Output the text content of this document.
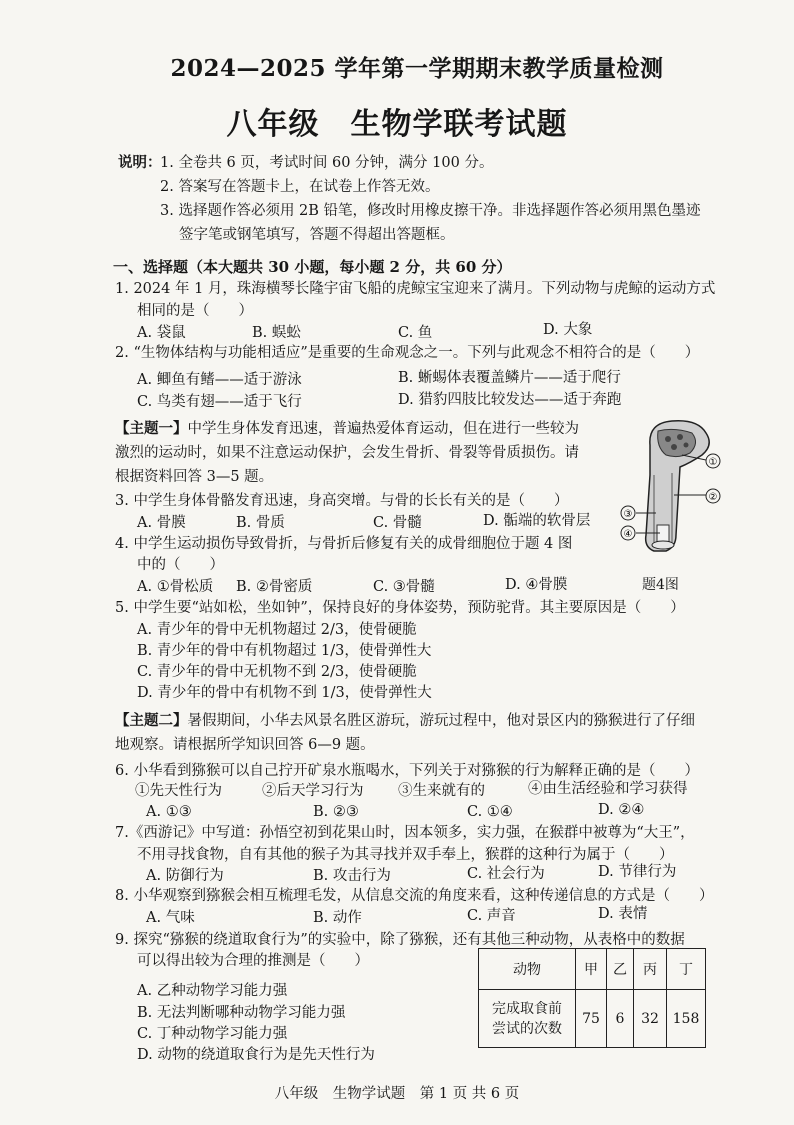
2024—2025 学年第一学期期末教学质量检测
八年级　生物学联考试题
说明：
1. 全卷共 6 页，考试时间 60 分钟，满分 100 分。
2. 答案写在答题卡上，在试卷上作答无效。
3. 选择题作答必须用 2B 铅笔，修改时用橡皮擦干净。非选择题作答必须用黑色墨迹
签字笔或钢笔填写，答题不得超出答题框。
一、选择题（本大题共 30 小题，每小题 2 分，共 60 分）
1. 2024 年 1 月，珠海横琴长隆宇宙飞船的虎鲸宝宝迎来了满月。下列动物与虎鲸的运动方式
相同的是（　　）
A. 袋鼠	B. 蜈蚣	C. 鱼	D. 大象
2. “生物体结构与功能相适应”是重要的生命观念之一。下列与此观念不相符合的是（　　）
A. 鲫鱼有鳍——适于游泳	B. 蜥蜴体表覆盖鳞片——适于爬行
C. 鸟类有翅——适于飞行	D. 猎豹四肢比较发达——适于奔跑
【主题一】中学生身体发育迅速，普遍热爱体育运动，但在进行一些较为
激烈的运动时，如果不注意运动保护，会发生骨折、骨裂等骨质损伤。请
根据资料回答 3—5 题。
①
②
③
④
题4图
3. 中学生身体骨骼发育迅速，身高突增。与骨的长长有关的是（　　）
A. 骨膜	B. 骨质	C. 骨髓	D. 骺端的软骨层
4. 中学生运动损伤导致骨折，与骨折后修复有关的成骨细胞位于题 4 图
中的（　　）
A. ①骨松质 B. ②骨密质	C. ③骨髓	D. ④骨膜
5. 中学生要“站如松，坐如钟”，保持良好的身体姿势，预防驼背。其主要原因是（　　）
A. 青少年的骨中无机物超过 2/3，使骨硬脆
B. 青少年的骨中有机物超过 1/3，使骨弹性大
C. 青少年的骨中无机物不到 2/3，使骨硬脆
D. 青少年的骨中有机物不到 1/3，使骨弹性大
【主题二】暑假期间，小华去风景名胜区游玩，游玩过程中，他对景区内的猕猴进行了仔细
地观察。请根据所学知识回答 6—9 题。
6. 小华看到猕猴可以自己拧开矿泉水瓶喝水，下列关于对猕猴的行为解释正确的是（　　）
①先天性行为	②后天学习行为 ③生来就有的	④由生活经验和学习获得
A. ①③	B. ②③	C. ①④	D. ②④
7.《西游记》中写道：孙悟空初到花果山时，因本领多，实力强，在猴群中被尊为“大王”，
不用寻找食物，自有其他的猴子为其寻找并双手奉上，猴群的这种行为属于（　　）
A. 防御行为	B. 攻击行为	C. 社会行为	D. 节律行为
8. 小华观察到猕猴会相互梳理毛发，从信息交流的角度来看，这种传递信息的方式是（　　）
A. 气味	B. 动作	C. 声音	D. 表情
9. 探究“猕猴的绕道取食行为”的实验中，除了猕猴，还有其他三种动物，从表格中的数据
可以得出较为合理的推测是（　　）
A. 乙种动物学习能力强
B. 无法判断哪种动物学习能力强
C. 丁种动物学习能力强
D. 动物的绕道取食行为是先天性行为
动物	甲	乙	丙	丁

完成取食前
尝试的次数	75	6	32	158
八年级　生物学试题　第 1 页 共 6 页
